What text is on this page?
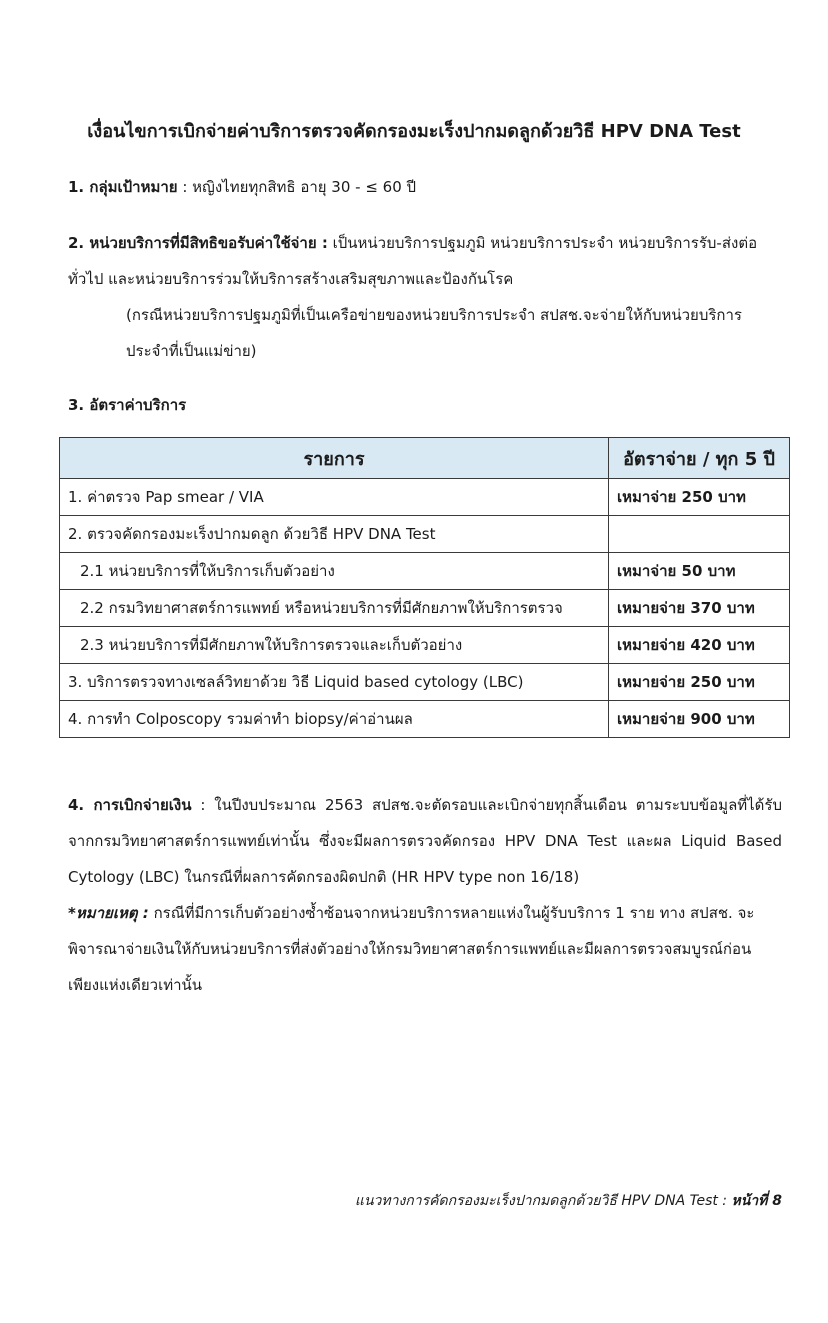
เงื่อนไขการเบิกจ่ายค่าบริการตรวจคัดกรองมะเร็งปากมดลูกด้วยวิธี HPV DNA Test
1. กลุ่มเป้าหมาย : หญิงไทยทุกสิทธิ อายุ 30 - ≤ 60 ปี
2. หน่วยบริการที่มีสิทธิขอรับค่าใช้จ่าย : เป็นหน่วยบริการปฐมภูมิ หน่วยบริการประจำ หน่วยบริการรับ-ส่งต่อทั่วไป และหน่วยบริการร่วมให้บริการสร้างเสริมสุขภาพและป้องกันโรค
(กรณีหน่วยบริการปฐมภูมิที่เป็นเครือข่ายของหน่วยบริการประจำ สปสช.จะจ่ายให้กับหน่วยบริการประจำที่เป็นแม่ข่าย)
3. อัตราค่าบริการ
รายการ	อัตราจ่าย / ทุก 5 ปี
1. ค่าตรวจ Pap smear / VIA	เหมาจ่าย 250 บาท
2. ตรวจคัดกรองมะเร็งปากมดลูก ด้วยวิธี HPV DNA Test	
2.1 หน่วยบริการที่ให้บริการเก็บตัวอย่าง	เหมาจ่าย 50 บาท
2.2 กรมวิทยาศาสตร์การแพทย์ หรือหน่วยบริการที่มีศักยภาพให้บริการตรวจ	เหมายจ่าย 370 บาท
2.3 หน่วยบริการที่มีศักยภาพให้บริการตรวจและเก็บตัวอย่าง	เหมายจ่าย 420 บาท
3. บริการตรวจทางเซลล์วิทยาด้วย วิธี Liquid based cytology (LBC)	เหมายจ่าย 250 บาท
4. การทำ Colposcopy รวมค่าทำ biopsy/ค่าอ่านผล	เหมายจ่าย 900 บาท
4. การเบิกจ่ายเงิน : ในปีงบประมาณ 2563 สปสช.จะตัดรอบและเบิกจ่ายทุกสิ้นเดือน ตามระบบข้อมูลที่ได้รับจากกรมวิทยาศาสตร์การแพทย์เท่านั้น ซึ่งจะมีผลการตรวจคัดกรอง HPV DNA Test และผล Liquid Based Cytology (LBC) ในกรณีที่ผลการคัดกรองผิดปกติ (HR HPV type non 16/18)
*หมายเหตุ : กรณีที่มีการเก็บตัวอย่างซ้ำซ้อนจากหน่วยบริการหลายแห่งในผู้รับบริการ 1 ราย ทาง สปสช. จะพิจารณาจ่ายเงินให้กับหน่วยบริการที่ส่งตัวอย่างให้กรมวิทยาศาสตร์การแพทย์และมีผลการตรวจสมบูรณ์ก่อนเพียงแห่งเดียวเท่านั้น
แนวทางการคัดกรองมะเร็งปากมดลูกด้วยวิธี HPV DNA Test : หน้าที่ 8
